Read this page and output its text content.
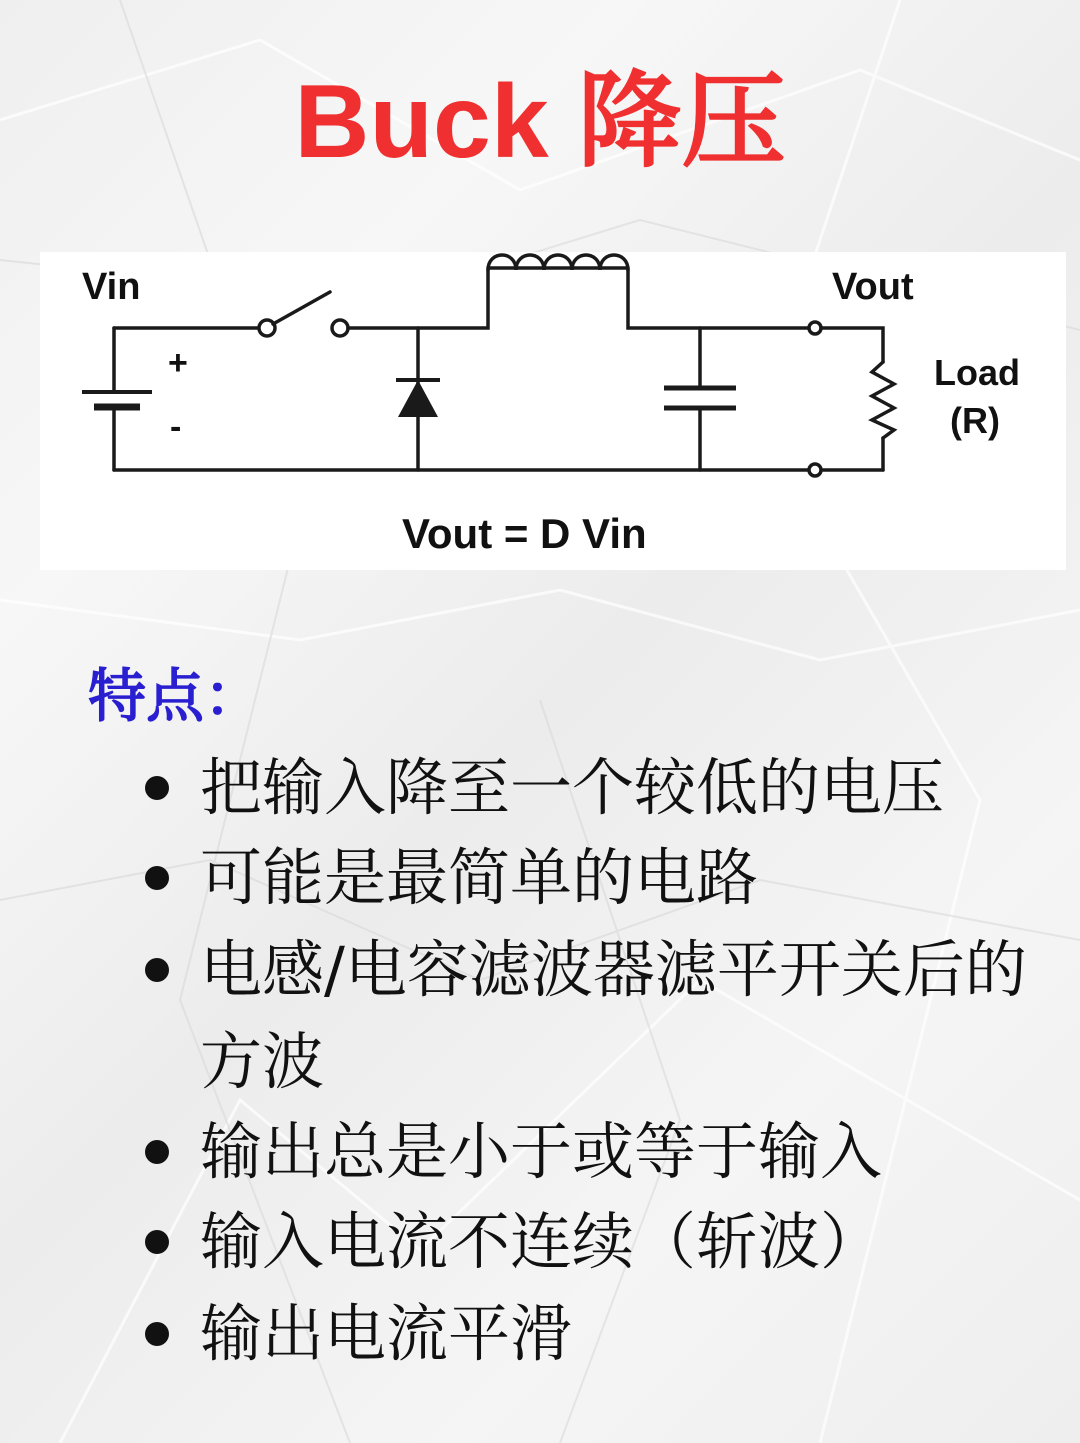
Buck 降压
Vin
+
-
Vout
Load
(R)
Vout = D Vin
特点：
把输入降至一个较低的电压
可能是最简单的电路
电感/电容滤波器滤平开关后的方波
输出总是小于或等于输入
输入电流不连续（斩波）
输出电流平滑
